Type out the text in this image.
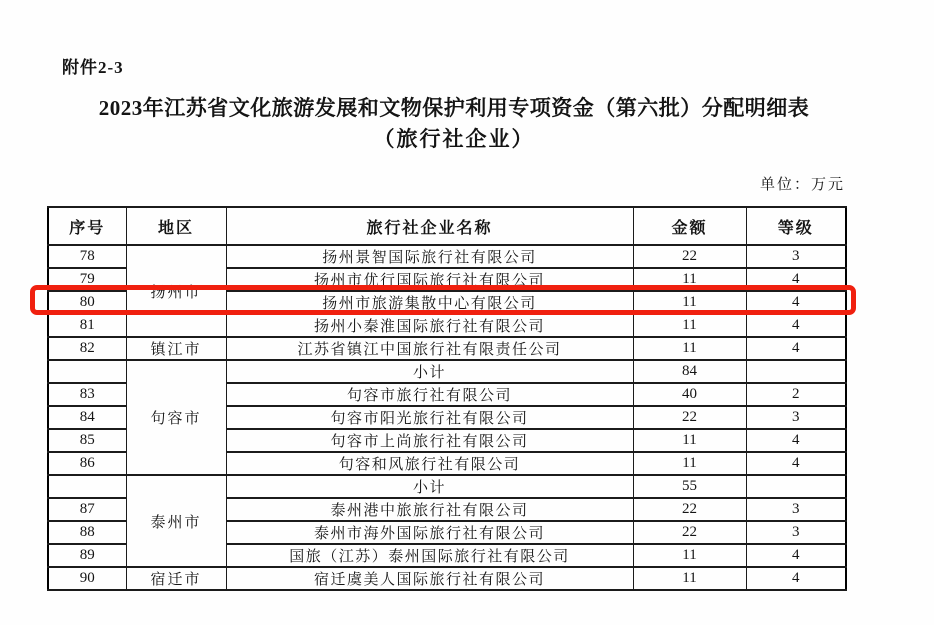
附件2-3
2023年江苏省文化旅游发展和文物保护利用专项资金（第六批）分配明细表
（旅行社企业）
单位：万元
序号	地区	旅行社企业名称	金额	等级
78	扬州市	扬州景智国际旅行社有限公司	22	3
79		扬州市优行国际旅行社有限公司	11	4
80		扬州市旅游集散中心有限公司	11	4
81		扬州小秦淮国际旅行社有限公司	11	4
82	镇江市	江苏省镇江中国旅行社有限责任公司	11	4
	句容市	小计	84	
83		句容市旅行社有限公司	40	2
84		句容市阳光旅行社有限公司	22	3
85		句容市上尚旅行社有限公司	11	4
86		句容和风旅行社有限公司	11	4
	泰州市	小计	55	
87		泰州港中旅旅行社有限公司	22	3
88		泰州市海外国际旅行社有限公司	22	3
89		国旅（江苏）泰州国际旅行社有限公司	11	4
90	宿迁市	宿迁虞美人国际旅行社有限公司	11	4
